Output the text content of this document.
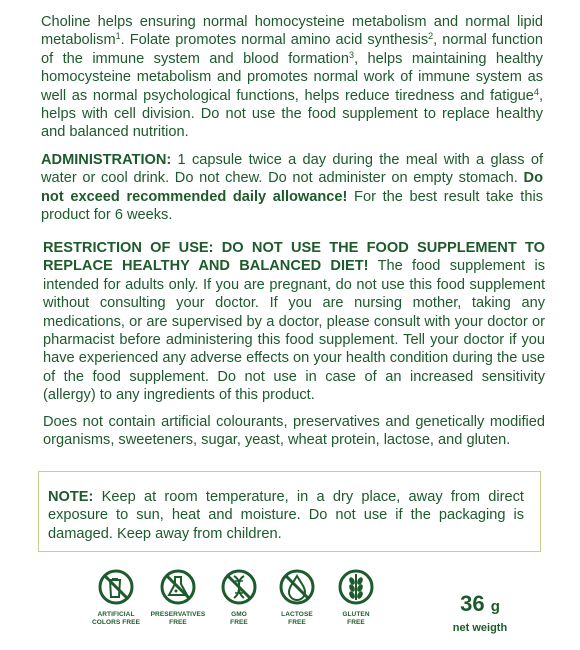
Choline helps ensuring normal homocysteine metabolism and normal lipid metabolism$^1$. Folate promotes normal amino acid synthesis$^2$, normal function of the immune system and blood formation$^3$, helps maintaining healthy homocysteine metabolism and promotes normal work of immune system as well as normal psychological functions, helps reduce tiredness and fatigue$^4$, helps with cell division. Do not use the food supplement to replace healthy and balanced nutrition.

ADMINISTRATION: 1 capsule twice a day during the meal with a glass of water or cool drink. Do not chew. Do not administer on empty stomach. Do not exceed recommended daily allowance! For the best result take this product for 6 weeks.

RESTRICTION OF USE: DO NOT USE THE FOOD SUPPLEMENT TO REPLACE HEALTHY AND BALANCED DIET! The food supplement is intended for adults only. If you are pregnant, do not use this food supplement without consulting your doctor. If you are nursing mother, taking any medications, or are supervised by a doctor, please consult with your doctor or pharmacist before administering this food supplement. Tell your doctor if you have experienced any adverse effects on your health condition during the use of the food supplement. Do not use in case of an increased sensitivity (allergy) to any ingredients of this product.

Does not contain artificial colourants, preservatives and genetically modified organisms, sweeteners, sugar, yeast, wheat protein, lactose, and gluten.

NOTE: Keep at room temperature, in a dry place, away from direct exposure to sun, heat and moisture. Do not use if the packaging is damaged. Keep away from children.

ARTIFICIAL
COLORS FREE
PRESERVATIVES
FREE
GMO
FREE
LACTOSE
FREE
GLUTEN
FREE
36 g
net weigth
